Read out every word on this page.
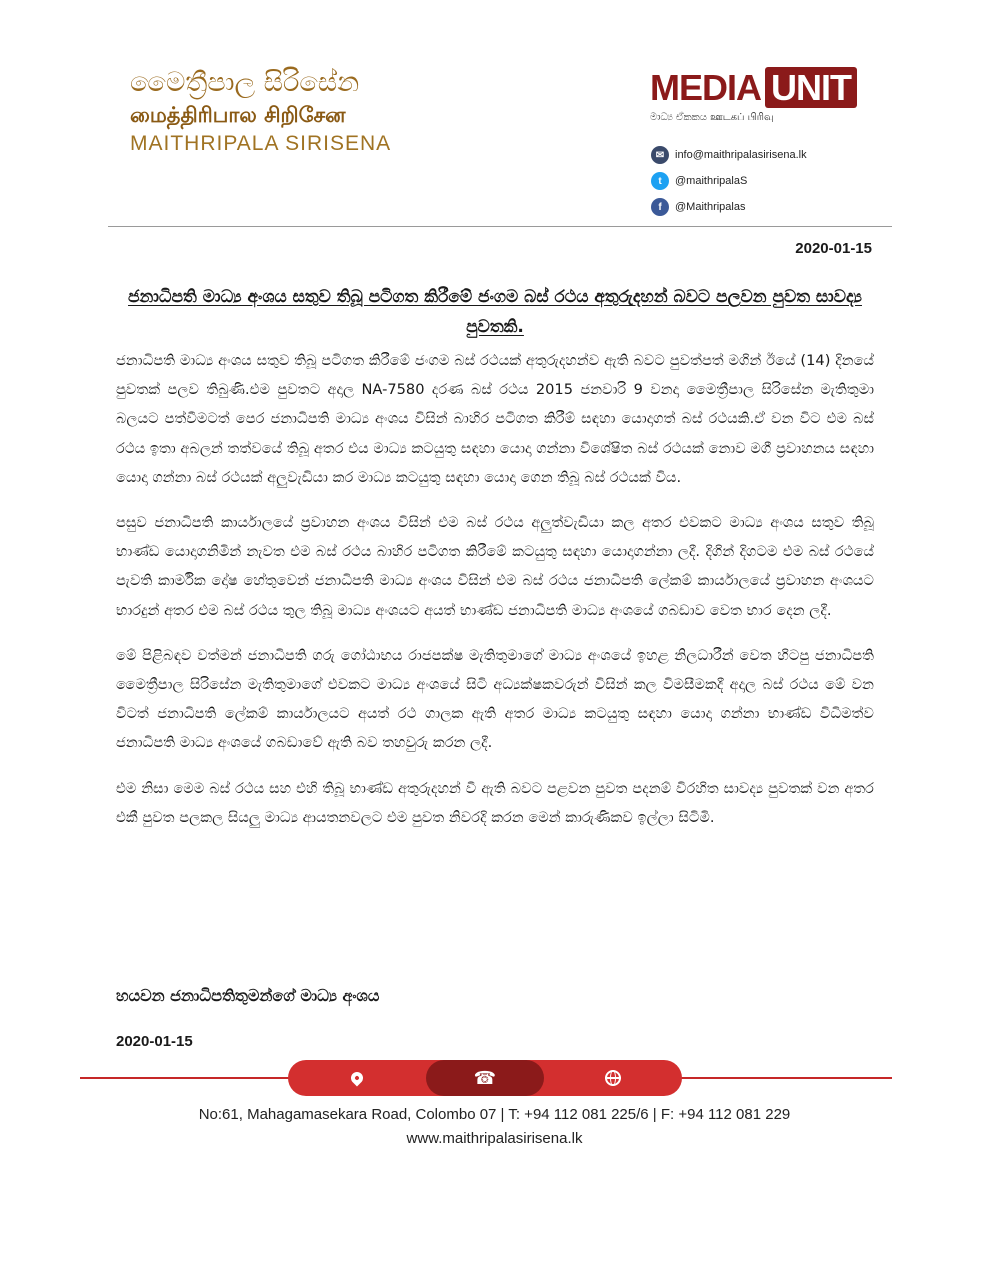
මෛත්‍රීපාල සිරිසේන
மைத்திரிபால சிறிசேன
MAITHRIPALA SIRISENA
MEDIA UNIT
මාධ්‍ය ඒකකය ஊடகப் பிரிவு
✉ info@maithripalasirisena.lk
t	@maithripalaS
f	@Maithripalas
2020-01-15
ජනාධිපති මාධ්‍ය අංශය සතුව තිබූ පටිගත කිරීමේ ජංගම බස් රථය අතුරුදහන් බවට පලවන පුවත සාවද්‍ය පුවතකි.

ජනාධිපති මාධ්‍ය අංශය සතුව තිබූ පටිගත කිරීමේ ජංගම බස් රථයක් අතුරුදහන්ව ඇති බවට පුවත්පත් මගින් ඊයේ (14) දිනයේ පුවතක් පලව තිබුණි.එම පුවතට අදාල NA-7580 දරණ බස් රථය 2015 ජනවාරි 9 වනදා මෛත්‍රීපාල සිරිසේන මැතිතුමා බලයට පත්වීමටත් පෙර ජනාධිපති මාධ්‍ය අංශය විසින් බාහිර පටිගත කිරීම් සඳහා යොදාගත් බස් රථයකි.ඒ වන විට එම බස් රථය ඉතා අබලන් තත්වයේ තිබූ අතර එය මාධ්‍ය කටයුතු සඳහා යොදා ගන්නා විශේෂිත බස් රථයක් නොව මගී ප්‍රවාහනය සඳහා යොදා ගන්නා බස් රථයක් අලුවැඩියා කර මාධ්‍ය කටයුතු සඳහා යොදා ගෙන තිබූ බස් රථයක් විය.

පසුව ජනාධිපති කාර්යාලයේ ප්‍රවාහන අංශය විසින් එම බස් රථය අලුත්වැඩියා කල අතර එවකට මාධ්‍ය අංශය සතුව තිබූ භාණ්ඩ යොදාගනිමින් නැවත එම බස් රථය බාහිර පටිගත කිරීමේ කටයුතු සඳහා යොදාගන්නා ලදී. දිගින් දිගටම එම බස් රථයේ පැවති කාර්මික දෝෂ හේතුවෙන් ජනාධිපති මාධ්‍ය අංශය විසින් එම බස් රථය ජනාධිපති ලේකම් කාර්යාලයේ ප්‍රවාහන අංශයට භාරදුන් අතර එම බස් රථය තුල තිබූ මාධ්‍ය අංශයට අයත් භාණ්ඩ ජනාධිපති මාධ්‍ය අංශයේ ගබඩාව වෙත භාර දෙන ලදී.

මේ පිළිබඳව වත්මන් ජනාධිපති ගරු ගෝඨාභය රාජපක්ෂ මැතිතුමාගේ මාධ්‍ය අංශයේ ඉහළ නිලධාරීන් වෙත හිටපු ජනාධිපති මෛත්‍රීපාල සිරිසේන මැතිතුමාගේ එවකට මාධ්‍ය අංශයේ සිටි අධ්‍යක්ෂකවරුන් විසින් කල විමසීමකදී අදාල බස් රථය මේ වන විටත් ජනාධිපති ලේකම් කාර්යාලයට අයත් රථ ගාලක ඇති අතර මාධ්‍ය කටයුතු සඳහා යොදා ගන්නා භාණ්ඩ විධිමත්ව ජනාධිපති මාධ්‍ය අංශයේ ගබඩාවේ ඇති බව තහවුරු කරන ලදී.

එම නිසා මෙම බස් රථය සහ එහි තිබූ භාණ්ඩ අතුරුදහන් වී ඇති බවට පළවන පුවත පදනම් විරහිත සාවද්‍ය පුවතක් වන අතර එකී පුවත පලකල සියලු මාධ්‍ය ආයතනවලට එම පුවත නිවරදි කරන මෙන් කාරුණිකව ඉල්ලා සිටිමි.

හයවන ජනාධිපතිතුමන්ගේ මාධ්‍ය අංශය
2020-01-15
☎
No:61, Mahagamasekara Road, Colombo 07 | T: +94 112 081 225/6 | F: +94 112 081 229
www.maithripalasirisena.lk
